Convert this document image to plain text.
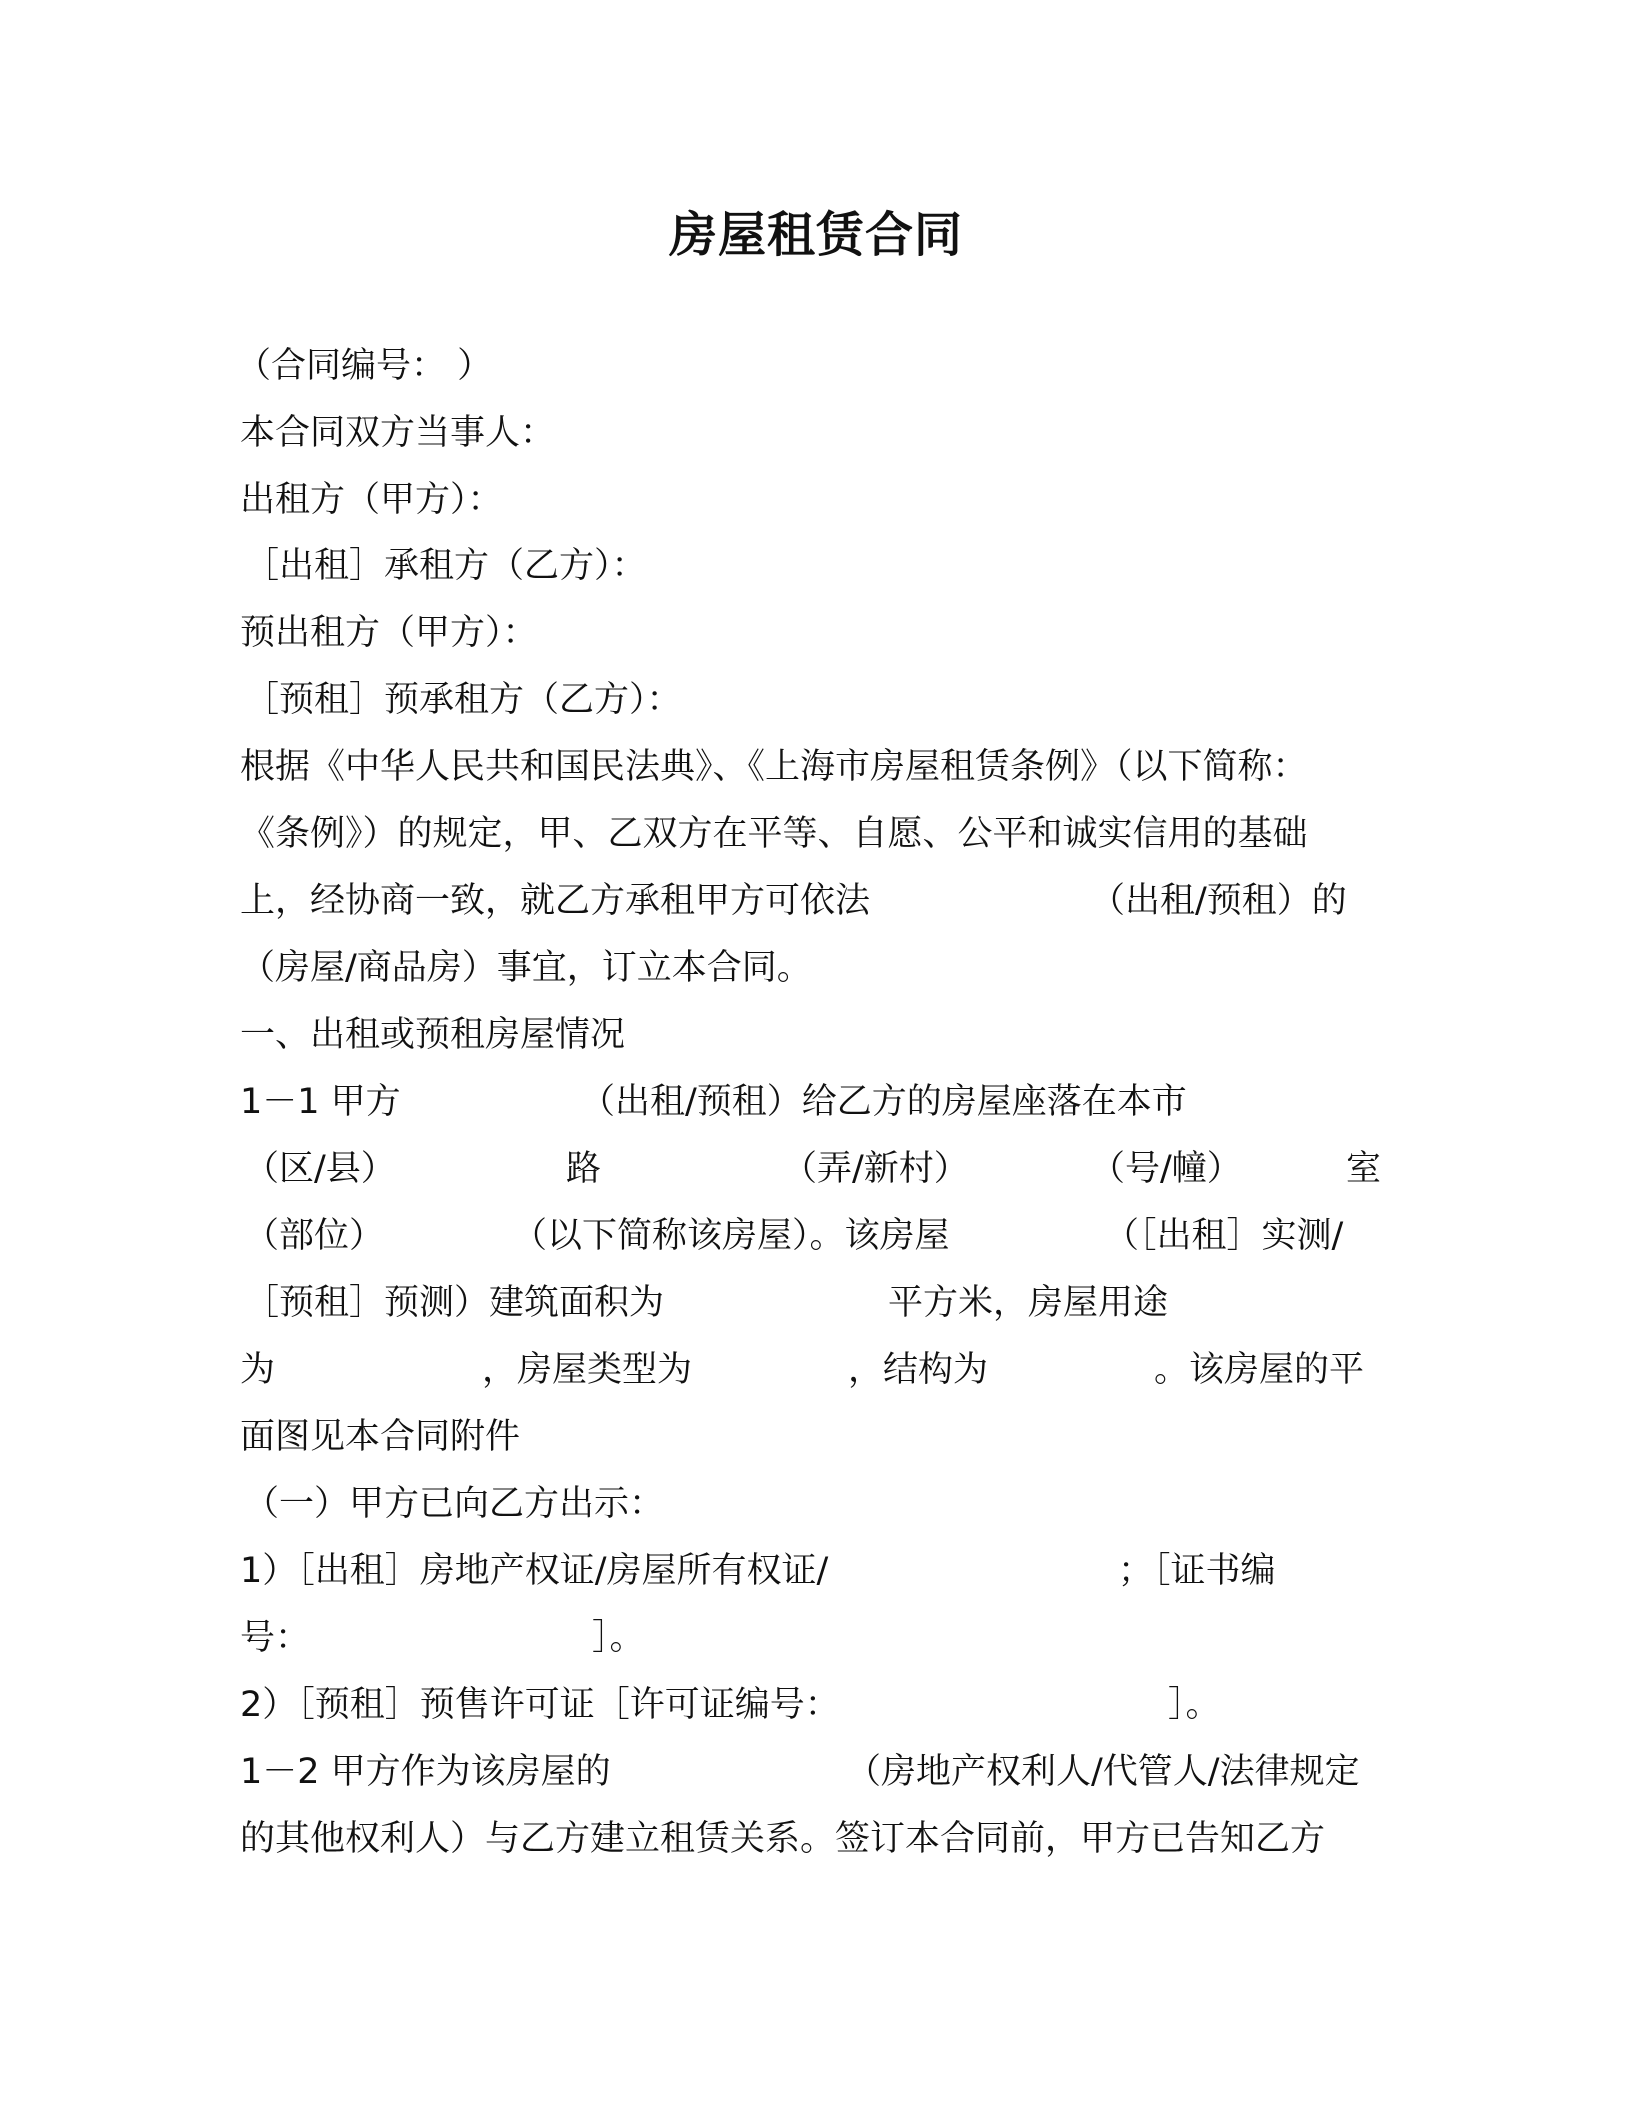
房屋租赁合同
（合同编号： ）
本合同双方当事人：
出租方（甲方）：
［出租］承租方（乙方）：
预出租方（甲方）：
［预租］预承租方（乙方）：
根据《中华人民共和国民法典》、《上海市房屋租赁条例》（以下简称：
《条例》）的规定，甲、乙双方在平等、自愿、公平和诚实信用的基础
上，经协商一致，就乙方承租甲方可依法	（出租/预租）的
（房屋/商品房）事宜，订立本合同。
一、出租或预租房屋情况
1－1 甲方	（出租/预租）给乙方的房屋座落在本市
（区/县）	路	（弄/新村）	（号/幢）	室
（部位）	（以下简称该房屋）。该房屋	（［出租］实测/
［预租］预测）建筑面积为	平方米，房屋用途
为	，房屋类型为	，结构为	。该房屋的平
面图见本合同附件
（一）甲方已向乙方出示：
1）［出租］房地产权证/房屋所有权证/	；［证书编
号：	］。
2）［预租］预售许可证［许可证编号：	］。
1－2 甲方作为该房屋的	（房地产权利人/代管人/法律规定
的其他权利人）与乙方建立租赁关系。签订本合同前，甲方已告知乙方
